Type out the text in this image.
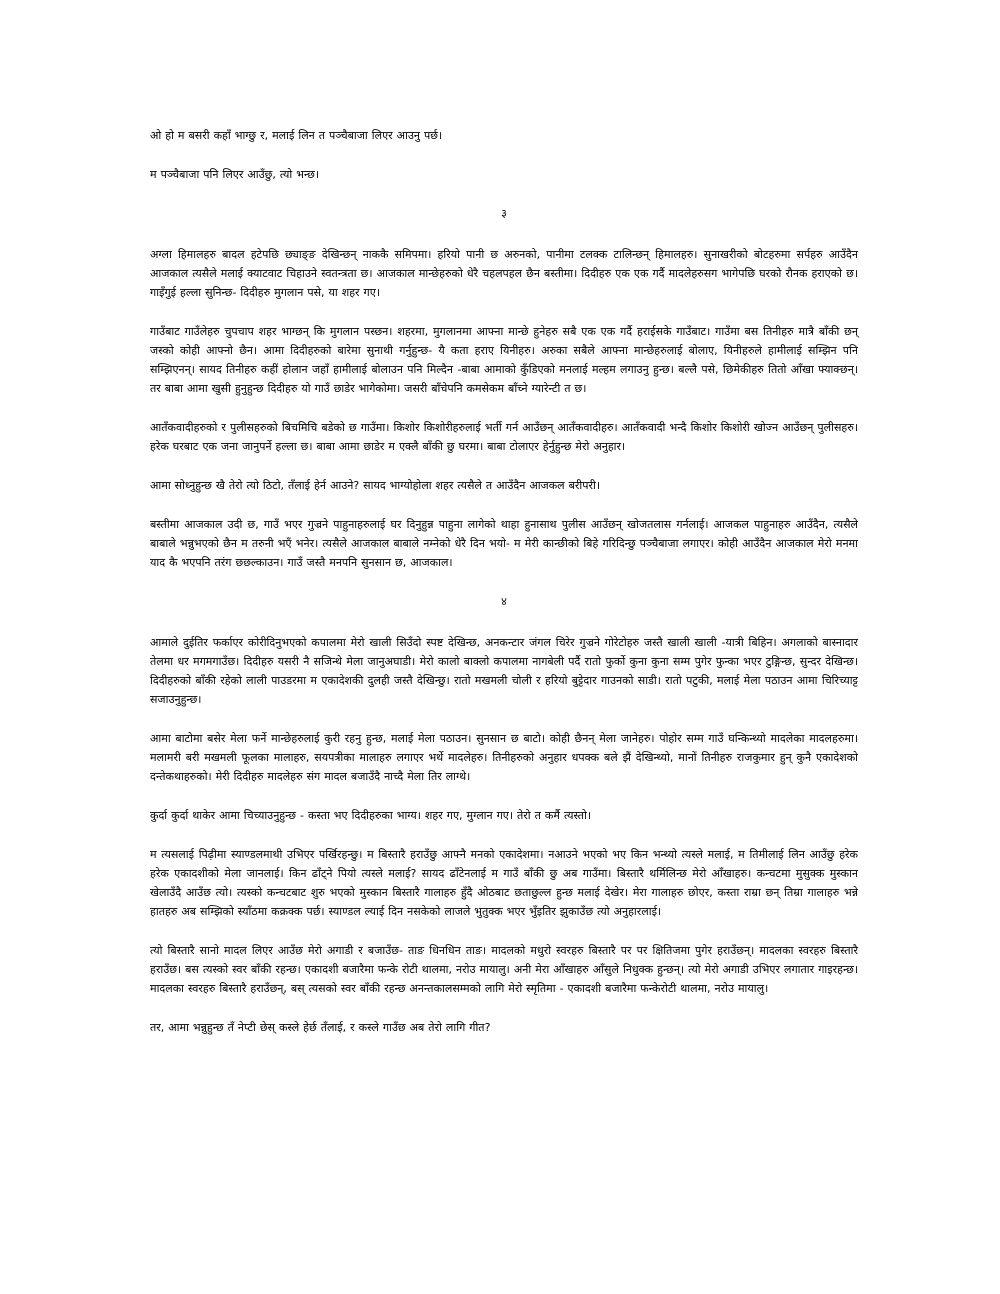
ओ हो म बसरी कहाँ भाग्छु र, मलाई लिन त पञ्चैबाजा लिएर आउनु पर्छ।

म पञ्चैबाजा पनि लिएर आउँछु, त्यो भन्छ।

३

अग्ला हिमालहरु बादल हटेपछि छ्याङ्ङ देखिन्छन् नाककै समिपमा। हरियो पानी छ अरुनको, पानीमा टलक्क टालिन्छन् हिमालहरु। सुनाखरीको बोटहरुमा सर्पहरु आउँदैन आजकाल त्यसैले मलाई क्याटवाट चिहाउने स्वतन्त्रता छ। आजकाल मान्छेहरुको धेरै चहलपहल छैन बस्तीमा। दिदीहरु एक एक गर्दै मादलेहरुसग भागेपछि घरको रौनक हराएको छ। गाइँगुई हल्ला सुनिन्छ- दिदीहरु मुगलान पसे, या शहर गए।

गाउँबाट गाउँलेहरु चुपचाप शहर भाग्छन् कि मुगलान पस्छन। शहरमा, मुगलानमा आफ्ना मान्छे हुनेहरु सबै एक एक गर्दै हराईसके गाउँबाट। गाउँमा बस तिनीहरु मात्रै बाँकी छन् जस्को कोही आफ्नो छैन। आमा दिदीहरुको बारेमा सुनाथी गर्नुहुन्छ- यै कता हराए यिनीहरु। अरुका सबैले आफ्ना मान्छेहरुलाई बोलाए, यिनीहरुले हामीलाई सम्झिन पनि सम्झिएनन्। सायद तिनीहरु कहीं होलान जहाँ हामीलाई बोलाउन पनि मिल्दैन -बाबा आमाको कुँडिएको मनलाई मल्हम लगाउनु हुन्छ। बल्लै पसे, छिमेकीहरु तितो आँखा फ्याक्छन्। तर बाबा आमा खुसी हुनुहुन्छ दिदीहरु यो गाउँ छाडेर भागेकोमा। जसरी बाँचेपनि कमसेकम बाँच्ने ग्यारेन्टी त छ।

आतँकवादीहरुको र पुलीसहरुको बिचमिचि बडेको छ गाउँमा। किशोर किशोरीहरुलाई भर्ती गर्न आउँछन् आतँकवादीहरु। आतँकवादी भन्दै किशोर किशोरी खोज्न आउँछन् पुलीसहरु। हरेक घरबाट एक जना जानुपर्ने हल्ला छ। बाबा आमा छाडेर म एक्लै बाँकी छु घरमा। बाबा टोलाएर हेर्नुहुन्छ मेरो अनुहार।

आमा सोध्नुहुन्छ खै तेरो त्यो ठिटो, तँलाई हेर्न आउने? सायद भाग्योहोला शहर त्यसैले त आउँदैन आजकल बरीपरी।

बस्तीमा आजकाल उदी छ, गाउँ भएर गुज्रने पाहुनाहरुलाई घर दिनुहुन्न पाहुना लागेको थाहा हुनासाथ पुलीस आउँछन् खोजतलास गर्नलाई। आजकल पाहुनाहरु आउँदैन, त्यसैले बाबाले भन्नुभएको छैन म तरुनी भएँ भनेर। त्यसैले आजकाल बाबाले नम्नेको धेरै दिन भयो- म मेरी कान्छीको बिहे गरिदिन्छु पञ्चैबाजा लगाएर। कोही आउँदैन आजकाल मेरो मनमा याद कै भएपनि तरंग छछल्काउन। गाउँ जस्तै मनपनि सुनसान छ, आजकाल।

४

आमाले दुईतिर फर्काएर कोरीदिनुभएको कपालमा मेरो खाली सिउँदो स्पष्ट देखिन्छ, अनकन्टार जंगल चिरेर गुज्रने गोरेटोहरु जस्तै खाली खाली -यात्री बिहिन। अगलाको बास्नादार तेलमा धर मगमगाउँछ। दिदीहरु यसरी नै सजिन्थे मेला जानुअघाडी। मेरो कालो बाक्लो कपालमा नागबेली पर्दै रातो फुर्को कुना कुना सम्म पुगेर फुन्का भएर टुङ्गिन्छ, सुन्दर देखिन्छ। दिदीहरुको बाँकी रहेको लाली पाउडरमा म एकादेशकी दुलही जस्तै देखिन्छु। रातो मखमली चोली र हरियो बुट्टेदार गाउनको साडी। रातो पटुकी, मलाई मेला पठाउन आमा चिरिच्याट्ट सजाउनुहुन्छ।

आमा बाटोमा बसेर मेला फर्ने मान्छेहरुलाई कुरी रहनु हुन्छ, मलाई मेला पठाउन। सुनसान छ बाटो। कोही छैनन् मेला जानेहरु। पोहोर सम्म गाउँ घन्किन्थ्यो मादलेका मादलहरुमा। मलामरी बरी मखमली फूलका मालाहरु, सयपत्रीका मालाहरु लगाएर भर्थे मादलेहरु। तिनीहरुको अनुहार धपक्क बले झैं देखिन्थ्यो, मानों तिनीहरु राजकुमार हुन् कुनै एकादेशको दन्तेकथाहरुको। मेरी दिदीहरु मादलेहरु संग मादल बजाउँदै नाच्दै मेला तिर लाग्थे।

कुर्दा कुर्दा थाकेर आमा चिच्याउनुहुन्छ - कस्ता भए दिदीहरुका भाग्य। शहर गए, मुग्लान गए। तेरो त कर्मै त्यस्तो।

म त्यसलाई पिढ़ीमा स्याण्डलमाथी उभिएर पर्खिरहन्छु। म बिस्तारै हराउँछु आफ्नै मनको एकादेशमा। नआउने भएको भए किन भन्थ्यो त्यस्ले मलाई, म तिमीलाई लिन आउँछु हरेक हरेक एकादशीको मेला जानलाई। किन ढाँट्ने पियो त्यस्ले मलाई? सायद ढाँटेनलाई म गाउँ बाँकी छु अब गाउँमा। बिस्तारै थर्मिलिन्छ मेरो आँखाहरु। कन्चटमा मुसुक्क मुस्कान खेलाउँदै आउँछ त्यो। त्यस्को कन्चटबाट शुरु भएको मुस्कान बिस्तारै गालाहरु हुँदै ओठबाट छताछुल्ल हुन्छ मलाई देखेर। मेरा गालाहरु छोएर, कस्ता राम्रा छन् तिम्रा गालाहरु भन्ने हातहरु अब सम्झिको स्याँठमा कक्रक्क पर्छ। स्याण्डल ल्याई दिन नसकेको लाजले भुतुक्क भएर भुँइतिर झुकाउँछ त्यो अनुहारलाई।

त्यो बिस्तारै सानो मादल लिएर आउँछ मेरो अगाडी र बजाउँछ- ताङ धिनधिन ताङ। मादलको मधुरो स्वरहरु बिस्तारै पर पर क्षितिजमा पुगेर हराउँछन्। मादलका स्वरहरु बिस्तारै हराउँछ। बस त्यस्को स्वर बाँकी रहन्छ। एकादशी बजारैमा फन्के रोटी थालमा, नरोउ मायालु। अनी मेरा आँखाहरु आँसुले निधुक्क हुन्छन्। त्यो मेरो अगाडी उभिएर लगातार गाइरहन्छ। मादलका स्वरहरु बिस्तारै हराउँछन्, बस् त्यसको स्वर बाँकी रहन्छ अनन्तकालसम्मको लागि मेरो स्मृतिमा - एकादशी बजारैमा फन्केरोटी थालमा, नरोउ मायालु।

तर, आमा भन्नुहुन्छ तँ नेप्टी छेस् कस्ले हेर्छ तँलाई, र कस्ले गाउँछ अब तेरो लागि गीत?
